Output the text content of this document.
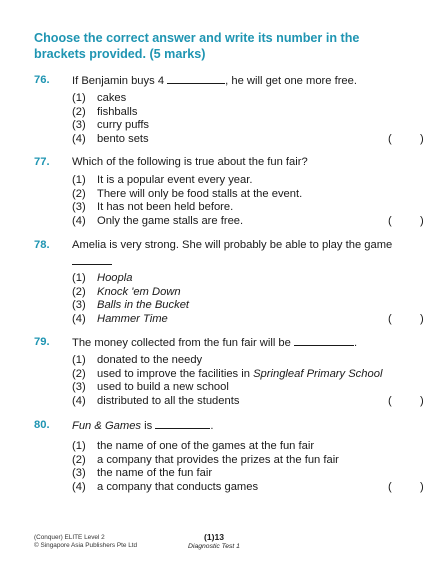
Choose the correct answer and write its number in the brackets provided. (5 marks)
76. If Benjamin buys 4	, he will get one more free.
(1) cakes
(2) fishballs
(3) curry puffs
(4) bento sets	(	)
77. Which of the following is true about the fun fair?
(1) It is a popular event every year.
(2) There will only be food stalls at the event.
(3) It has not been held before.
(4) Only the game stalls are free.	(	)
78. Amelia is very strong. She will probably be able to play the game
(1) Hoopla
(2) Knock 'em Down
(3) Balls in the Bucket
(4) Hammer Time	(	)
79. The money collected from the fun fair will be	.
(1) donated to the needy
(2) used to improve the facilities in Springleaf Primary School
(3) used to build a new school
(4) distributed to all the students	(	)
80. Fun & Games is	.
(1) the name of one of the games at the fun fair
(2) a company that provides the prizes at the fun fair
(3) the name of the fun fair
(4) a company that conducts games	(	)
(Conquer) ELITE Level 2
© Singapore Asia Publishers Pte Ltd
(1)13
Diagnostic Test 1
